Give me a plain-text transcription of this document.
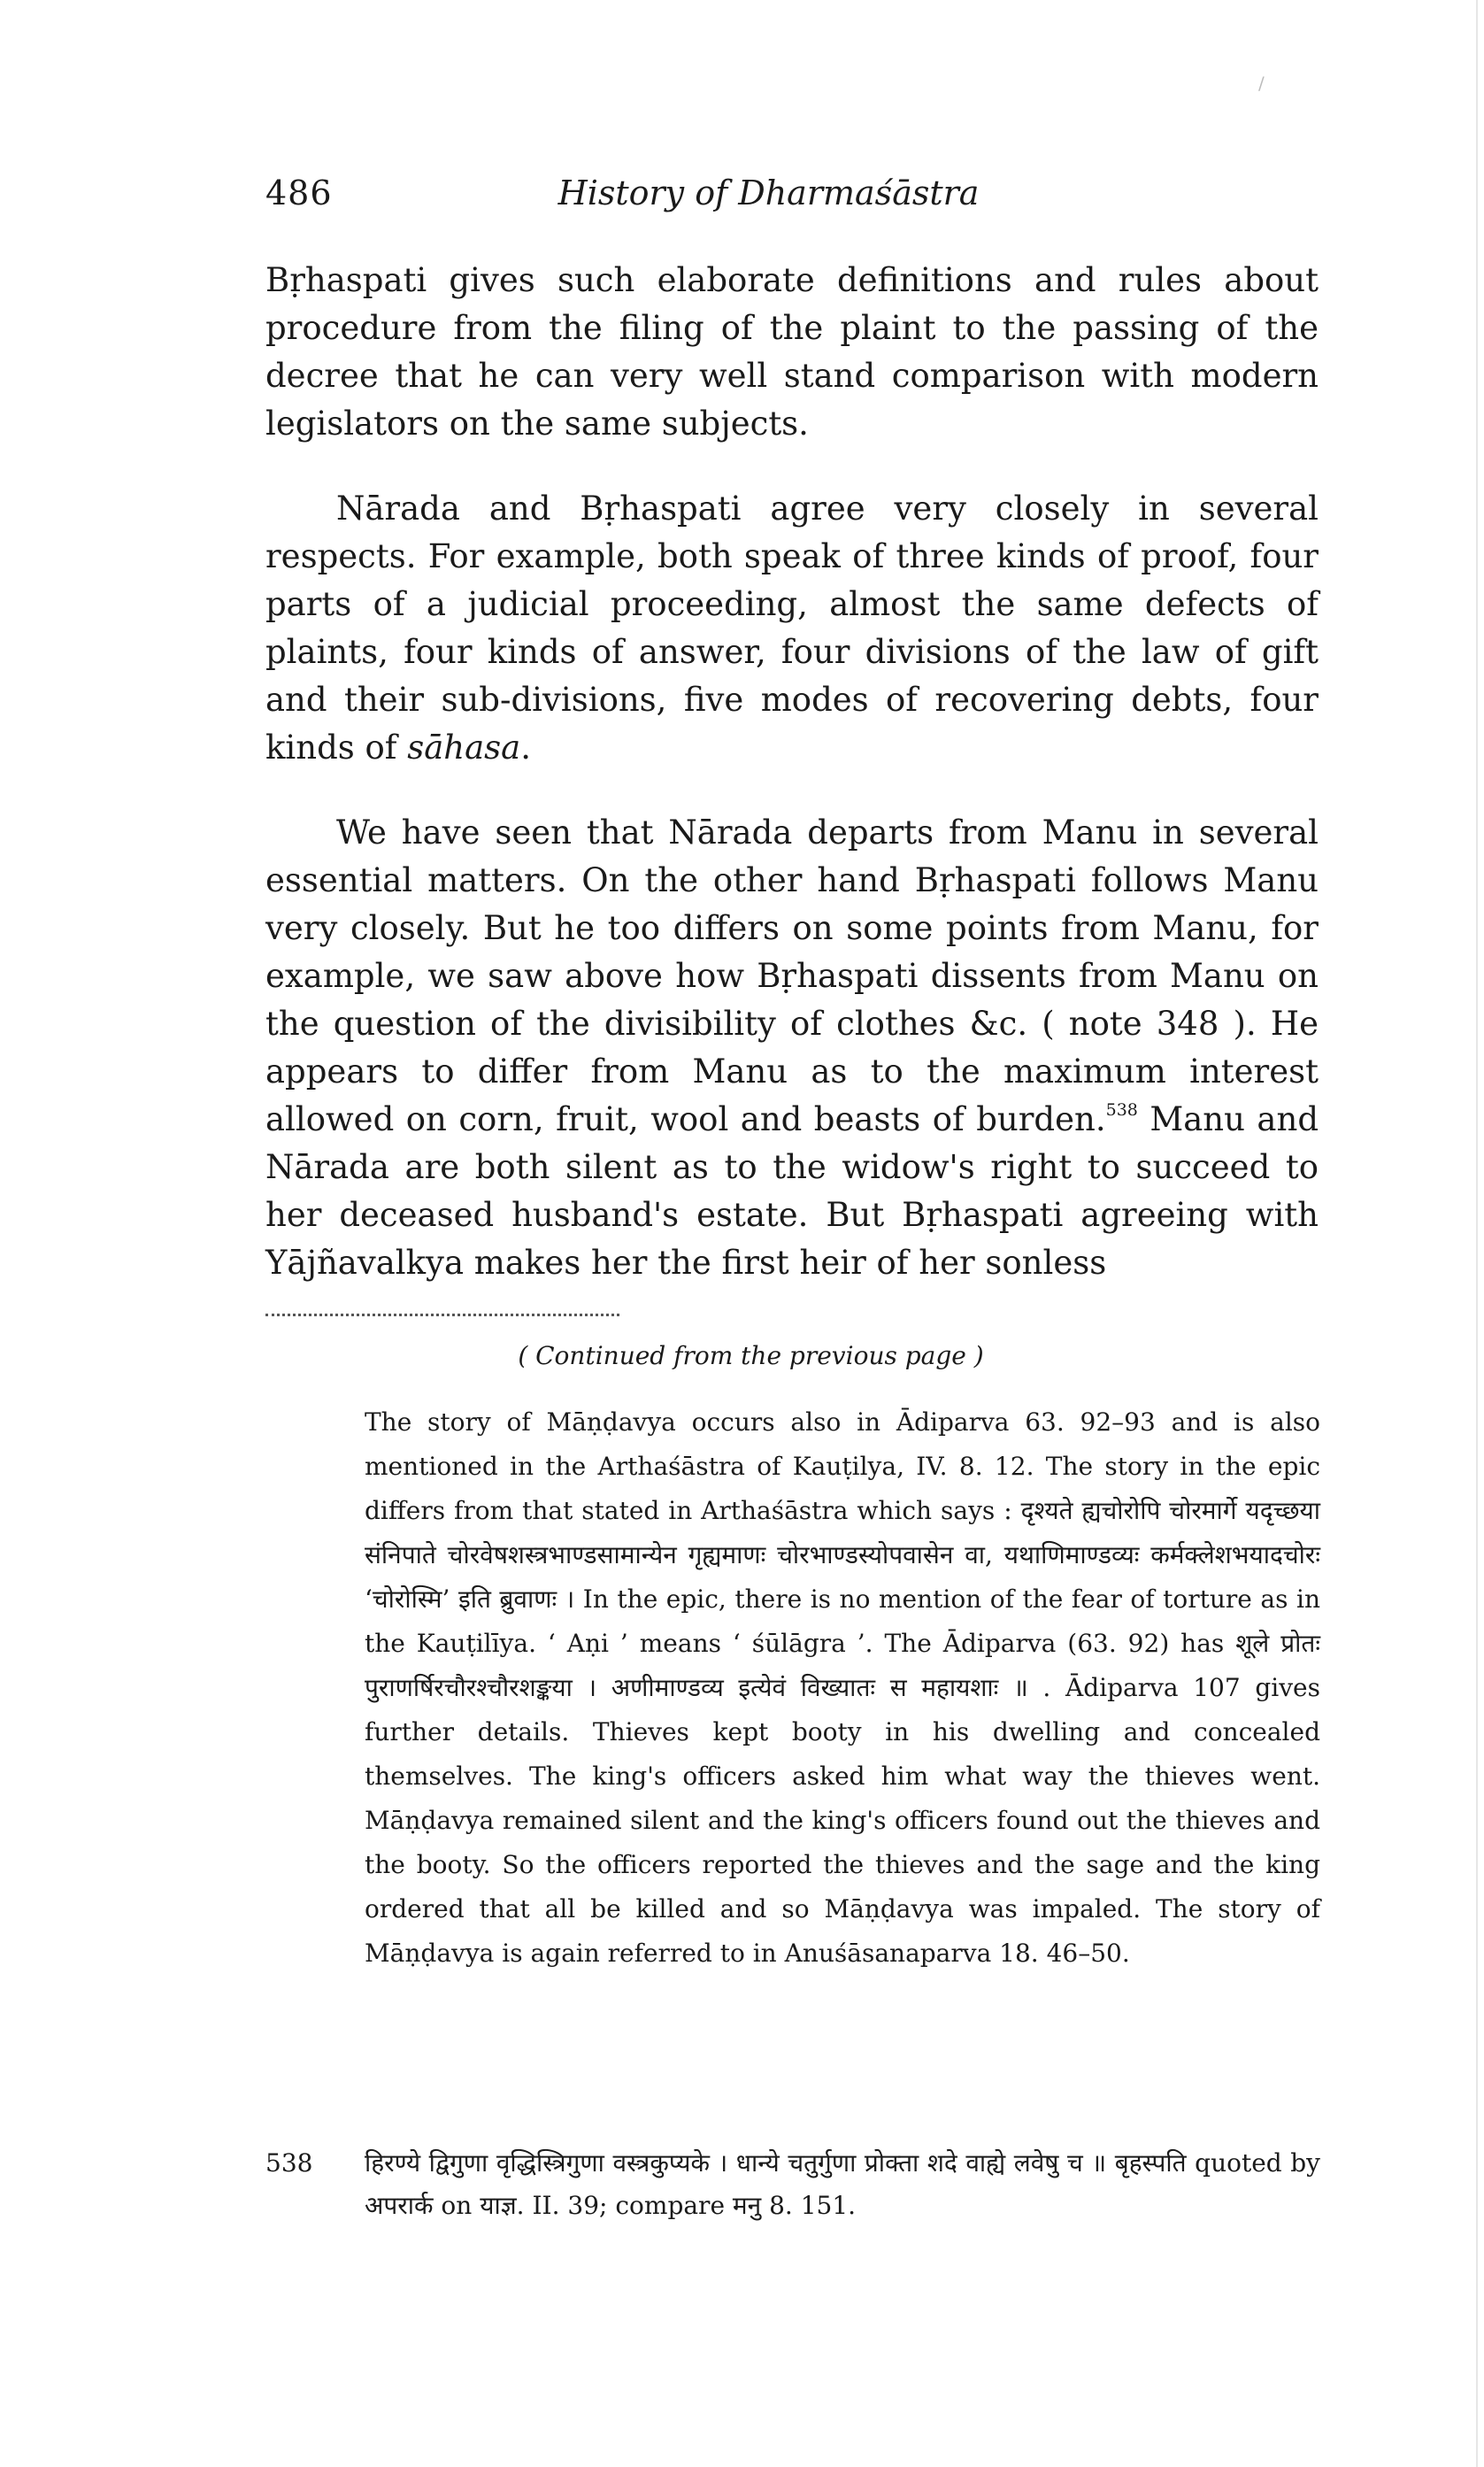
/
486	History of Dharmaśāstra

Bṛhaspati gives such elaborate definitions and rules about procedure from the filing of the plaint to the passing of the decree that he can very well stand comparison with modern legislators on the same subjects.

Nārada and Bṛhaspati agree very closely in several respects. For example, both speak of three kinds of proof, four parts of a judicial proceeding, almost the same defects of plaints, four kinds of answer, four divisions of the law of gift and their sub-divisions, five modes of recovering debts, four kinds of sāhasa.

We have seen that Nārada departs from Manu in several essential matters. On the other hand Bṛhaspati follows Manu very closely. But he too differs on some points from Manu, for example, we saw above how Bṛhaspati dissents from Manu on the question of the divisibility of clothes &c. ( note 348 ). He appears to differ from Manu as to the maximum interest allowed on corn, fruit, wool and beasts of burden.$^{538}$ Manu and Nārada are both silent as to the widow's right to succeed to her deceased husband's estate. But Bṛhaspati agreeing with Yājñavalkya makes her the first heir of her sonless

( Continued from the previous page )

The story of Māṇḍavya occurs also in Ādiparva 63. 92–93 and is also mentioned in the Arthaśāstra of Kauṭilya, IV. 8. 12. The story in the epic differs from that stated in Arthaśāstra which says : दृश्यते ह्यचोरोपि चोरमार्गे यदृच्छया संनिपाते चोरवेषशस्त्रभाण्डसामान्येन गृह्यमाणः चोरभाण्डस्योपवासेन वा, यथाणिमाण्डव्यः कर्मक्लेशभयादचोरः ‘चोरोस्मि’ इति ब्रुवाणः । In the epic, there is no mention of the fear of torture as in the Kauṭilīya. ‘ Aṇi ’ means ‘ śūlāgra ’. The Ādiparva (63. 92) has शूले प्रोतः पुराणर्षिरचौरश्चौरशङ्कया । अणीमाण्डव्य इत्येवं विख्यातः स महायशाः ॥ . Ādiparva 107 gives further details. Thieves kept booty in his dwelling and concealed themselves. The king's officers asked him what way the thieves went. Māṇḍavya remained silent and the king's officers found out the thieves and the booty. So the officers reported the thieves and the sage and the king ordered that all be killed and so Māṇḍavya was impaled. The story of Māṇḍavya is again referred to in Anuśāsanaparva 18. 46–50.

538 हिरण्ये द्विगुणा वृद्धिस्त्रिगुणा वस्त्रकुप्यके । धान्ये चतुर्गुणा प्रोक्ता शदे वाह्ये लवेषु च ॥ बृहस्पति quoted by अपरार्क on याज्ञ. II. 39; compare मनु 8. 151.
